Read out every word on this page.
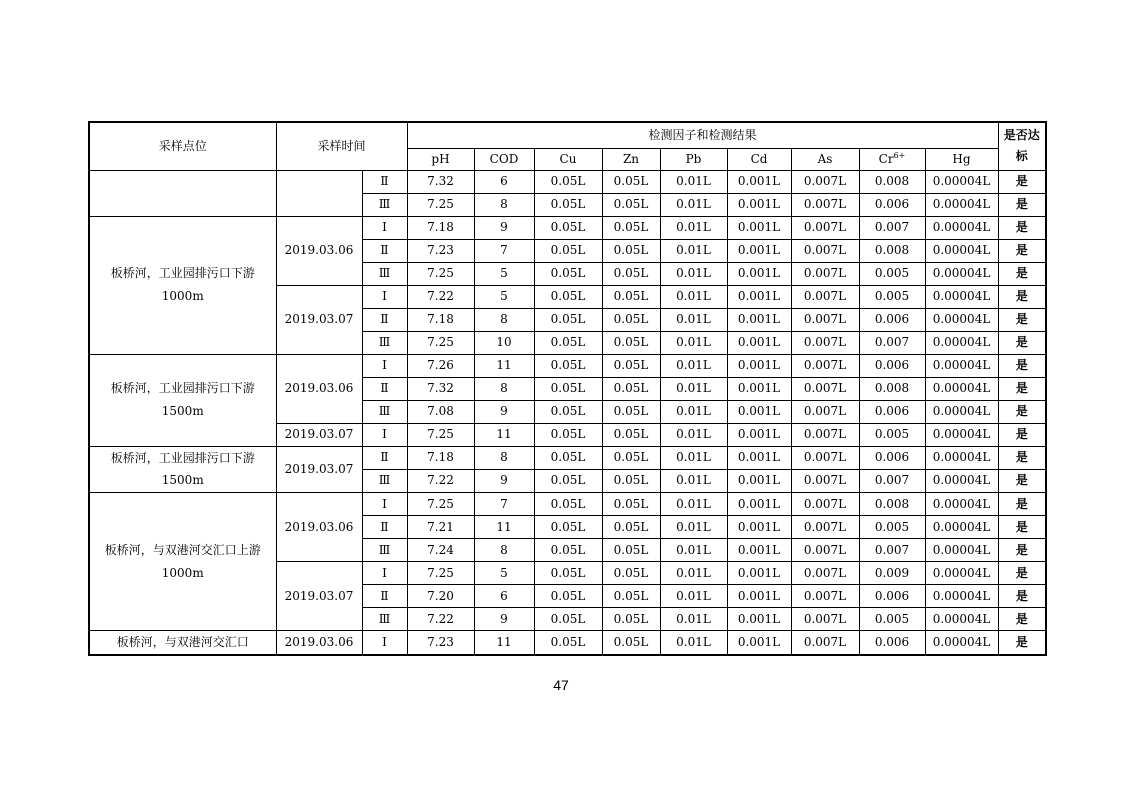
采样点位	采样时间		检测因子和检测结果									是否达标
			pH	COD	Cu	Zn	Pb	Cd	As	$Cr^{6+}$	Hg	
		Ⅱ	7.32	6	0.05L	0.05L	0.01L	0.001L	0.007L	0.008	0.00004L	是
		Ⅲ	7.25	8	0.05L	0.05L	0.01L	0.001L	0.007L	0.006	0.00004L	是
板桥河，工业园排污口下游1000m	2019.03.06	Ⅰ	7.18	9	0.05L	0.05L	0.01L	0.001L	0.007L	0.007	0.00004L	是
		Ⅱ	7.23	7	0.05L	0.05L	0.01L	0.001L	0.007L	0.008	0.00004L	是
		Ⅲ	7.25	5	0.05L	0.05L	0.01L	0.001L	0.007L	0.005	0.00004L	是
	2019.03.07	Ⅰ	7.22	5	0.05L	0.05L	0.01L	0.001L	0.007L	0.005	0.00004L	是
		Ⅱ	7.18	8	0.05L	0.05L	0.01L	0.001L	0.007L	0.006	0.00004L	是
		Ⅲ	7.25	10	0.05L	0.05L	0.01L	0.001L	0.007L	0.007	0.00004L	是
板桥河，工业园排污口下游1500m	2019.03.06	Ⅰ	7.26	11	0.05L	0.05L	0.01L	0.001L	0.007L	0.006	0.00004L	是
		Ⅱ	7.32	8	0.05L	0.05L	0.01L	0.001L	0.007L	0.008	0.00004L	是
		Ⅲ	7.08	9	0.05L	0.05L	0.01L	0.001L	0.007L	0.006	0.00004L	是
	2019.03.07	Ⅰ	7.25	11	0.05L	0.05L	0.01L	0.001L	0.007L	0.005	0.00004L	是
板桥河，工业园排污口下游1500m	2019.03.07	Ⅱ	7.18	8	0.05L	0.05L	0.01L	0.001L	0.007L	0.006	0.00004L	是
		Ⅲ	7.22	9	0.05L	0.05L	0.01L	0.001L	0.007L	0.007	0.00004L	是
板桥河，与双港河交汇口上游1000m	2019.03.06	Ⅰ	7.25	7	0.05L	0.05L	0.01L	0.001L	0.007L	0.008	0.00004L	是
		Ⅱ	7.21	11	0.05L	0.05L	0.01L	0.001L	0.007L	0.005	0.00004L	是
		Ⅲ	7.24	8	0.05L	0.05L	0.01L	0.001L	0.007L	0.007	0.00004L	是
	2019.03.07	Ⅰ	7.25	5	0.05L	0.05L	0.01L	0.001L	0.007L	0.009	0.00004L	是
		Ⅱ	7.20	6	0.05L	0.05L	0.01L	0.001L	0.007L	0.006	0.00004L	是
		Ⅲ	7.22	9	0.05L	0.05L	0.01L	0.001L	0.007L	0.005	0.00004L	是
板桥河，与双港河交汇口	2019.03.06	Ⅰ	7.23	11	0.05L	0.05L	0.01L	0.001L	0.007L	0.006	0.00004L	是
47
